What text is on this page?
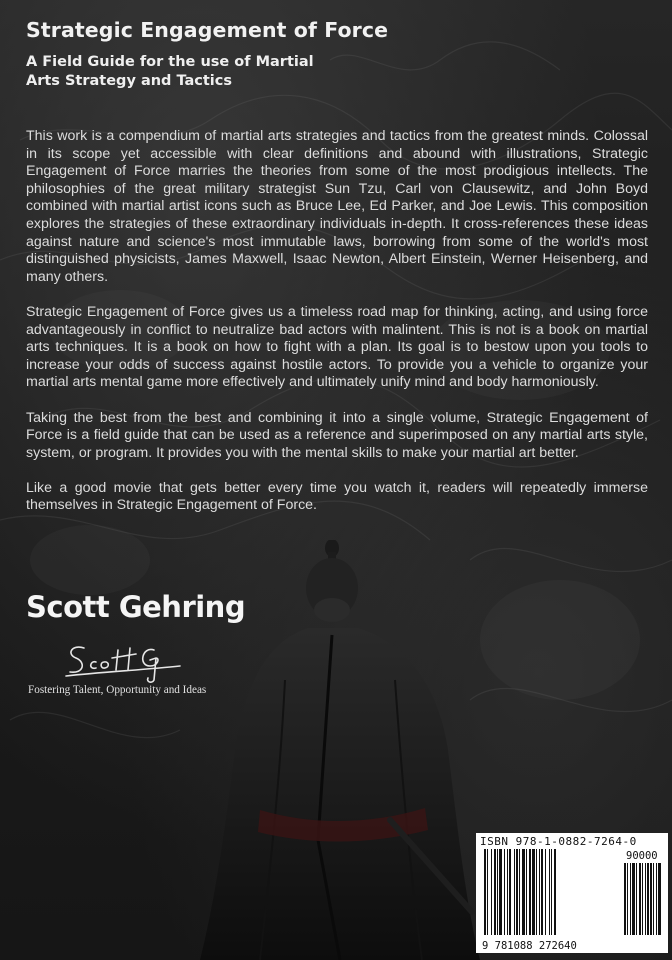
Strategic Engagement of Force
A Field Guide for the use of Martial
Arts Strategy and Tactics

This work is a compendium of martial arts strategies and tactics from the greatest minds. Colossal in its scope yet accessible with clear definitions and abound with illustrations, Strategic Engagement of Force marries the theories from some of the most prodigious intellects. The philosophies of the great military strategist Sun Tzu, Carl von Clausewitz, and John Boyd combined with martial artist icons such as Bruce Lee, Ed Parker, and Joe Lewis. This composition explores the strategies of these extraordinary individuals in-depth. It cross-references these ideas against nature and science's most immutable laws, borrowing from some of the world's most distinguished physicists, James Maxwell, Isaac Newton, Albert Einstein, Werner Heisenberg, and many others.

Strategic Engagement of Force gives us a timeless road map for thinking, acting, and using force advantageously in conflict to neutralize bad actors with malintent. This is not is a book on martial arts techniques. It is a book on how to fight with a plan. Its goal is to bestow upon you tools to increase your odds of success against hostile actors. To provide you a vehicle to organize your martial arts mental game more effectively and ultimately unify mind and body harmoniously.

Taking the best from the best and combining it into a single volume, Strategic Engagement of Force is a field guide that can be used as a reference and superimposed on any martial arts style, system, or program. It provides you with the mental skills to make your martial art better.

Like a good movie that gets better every time you watch it, readers will repeatedly immerse themselves in Strategic Engagement of Force.

Scott Gehring
Fostering Talent, Opportunity and Ideas
ISBN 978-1-0882-7264-0
9 781088 272640
90000
